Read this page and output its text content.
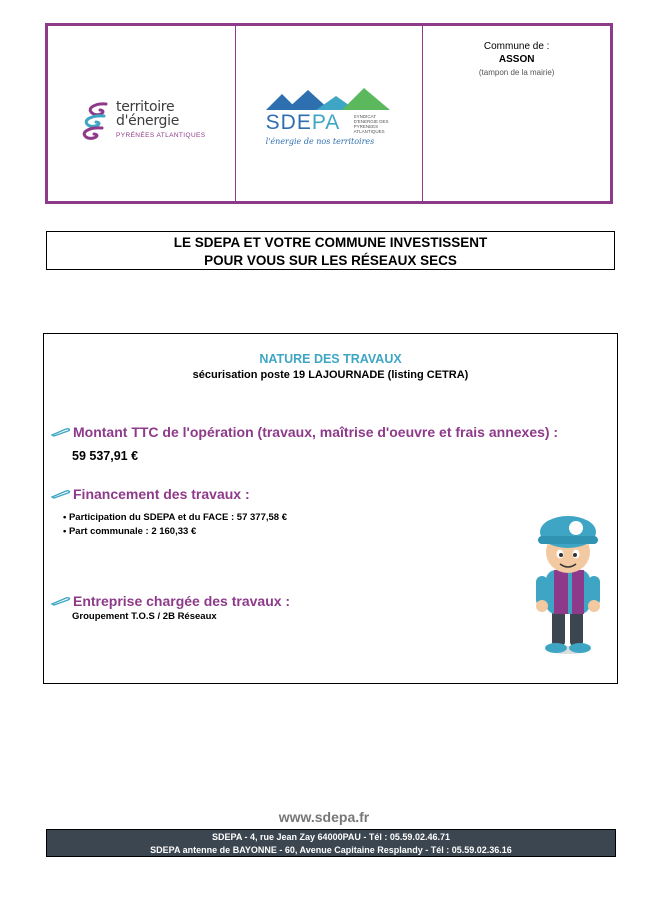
territoire
d'énergie
PYRÉNÉES ATLANTIQUES
SDEPA	SYNDICAT D'ENERGIE DES PYRENEES ATLANTIQUES
l'énergie de nos territoires
Commune de :
ASSON
(tampon de la mairie)
LE SDEPA ET VOTRE COMMUNE INVESTISSENT
POUR VOUS SUR LES RÉSEAUX SECS
NATURE DES TRAVAUX
sécurisation poste 19 LAJOURNADE (listing CETRA)
Montant TTC de l'opération (travaux, maîtrise d'oeuvre et frais annexes) :
59 537,91 €
Financement des travaux :
• Participation du SDEPA et du FACE : 57 377,58 €
• Part communale : 2 160,33 €
Entreprise chargée des travaux :
Groupement T.O.S / 2B Réseaux
www.sdepa.fr
SDEPA - 4, rue Jean Zay 64000PAU - Tél : 05.59.02.46.71
SDEPA antenne de BAYONNE - 60, Avenue Capitaine Resplandy - Tél : 05.59.02.36.16
